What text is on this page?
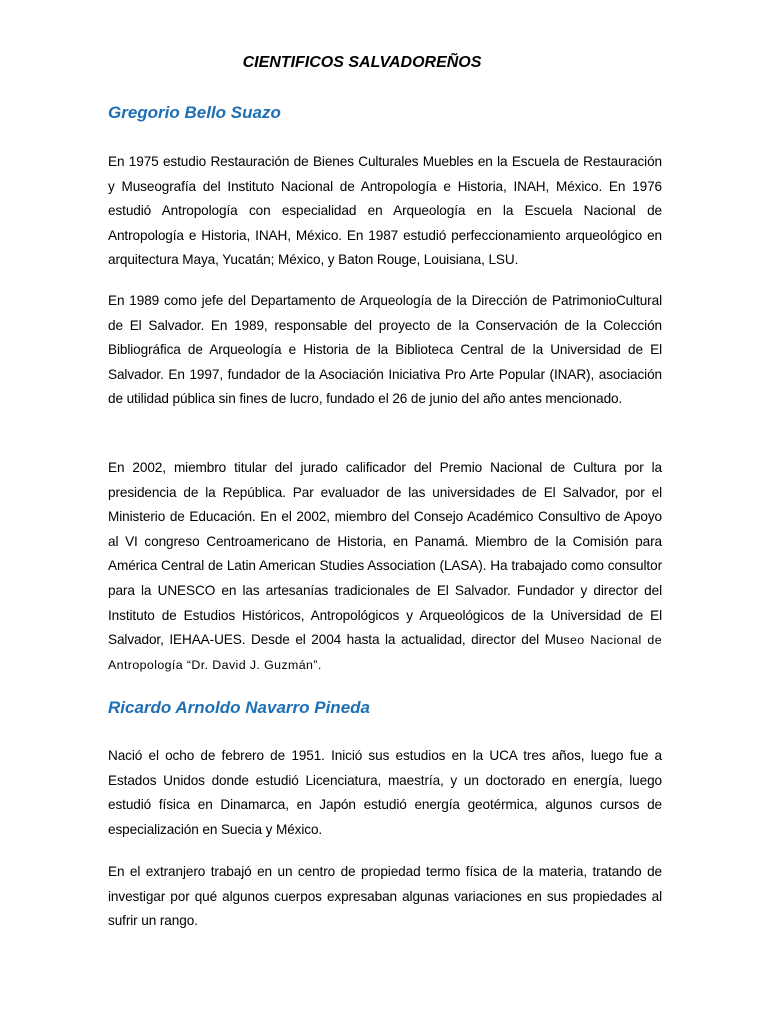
CIENTIFICOS SALVADOREÑOS
Gregorio Bello Suazo

En 1975 estudio Restauración de Bienes Culturales Muebles en la Escuela de Restauración y Museografía del Instituto Nacional de Antropología e Historia, INAH, México. En 1976 estudió Antropología con especialidad en Arqueología en la Escuela Nacional de Antropología e Historia, INAH, México. En 1987 estudió perfeccionamiento arqueológico en arquitectura Maya, Yucatán; México, y Baton Rouge, Louisiana, LSU.

En 1989 como jefe del Departamento de Arqueología de la Dirección de PatrimonioCultural de El Salvador. En 1989, responsable del proyecto de la Conservación de la Colección Bibliográfica de Arqueología e Historia de la Biblioteca Central de la Universidad de El Salvador. En 1997, fundador de la Asociación Iniciativa Pro Arte Popular (INAR), asociación de utilidad pública sin fines de lucro, fundado el 26 de junio del año antes mencionado.

En 2002, miembro titular del jurado calificador del Premio Nacional de Cultura por la presidencia de la República. Par evaluador de las universidades de El Salvador, por el Ministerio de Educación. En el 2002, miembro del Consejo Académico Consultivo de Apoyo al VI congreso Centroamericano de Historia, en Panamá. Miembro de la Comisión para América Central de Latin American Studies Association (LASA). Ha trabajado como consultor para la UNESCO en las artesanías tradicionales de El Salvador. Fundador y director del Instituto de Estudios Históricos, Antropológicos y Arqueológicos de la Universidad de El Salvador, IEHAA-UES. Desde el 2004 hasta la actualidad, director del Museo Nacional de Antropología “Dr. David J. Guzmán”.

Ricardo Arnoldo Navarro Pineda

Nació el ocho de febrero de 1951. Inició sus estudios en la UCA tres años, luego fue a Estados Unidos donde estudió Licenciatura, maestría, y un doctorado en energía, luego estudió física en Dinamarca, en Japón estudió energía geotérmica, algunos cursos de especialización en Suecia y México.

En el extranjero trabajó en un centro de propiedad termo física de la materia, tratando de investigar por qué algunos cuerpos expresaban algunas variaciones en sus propiedades al sufrir un rango.
